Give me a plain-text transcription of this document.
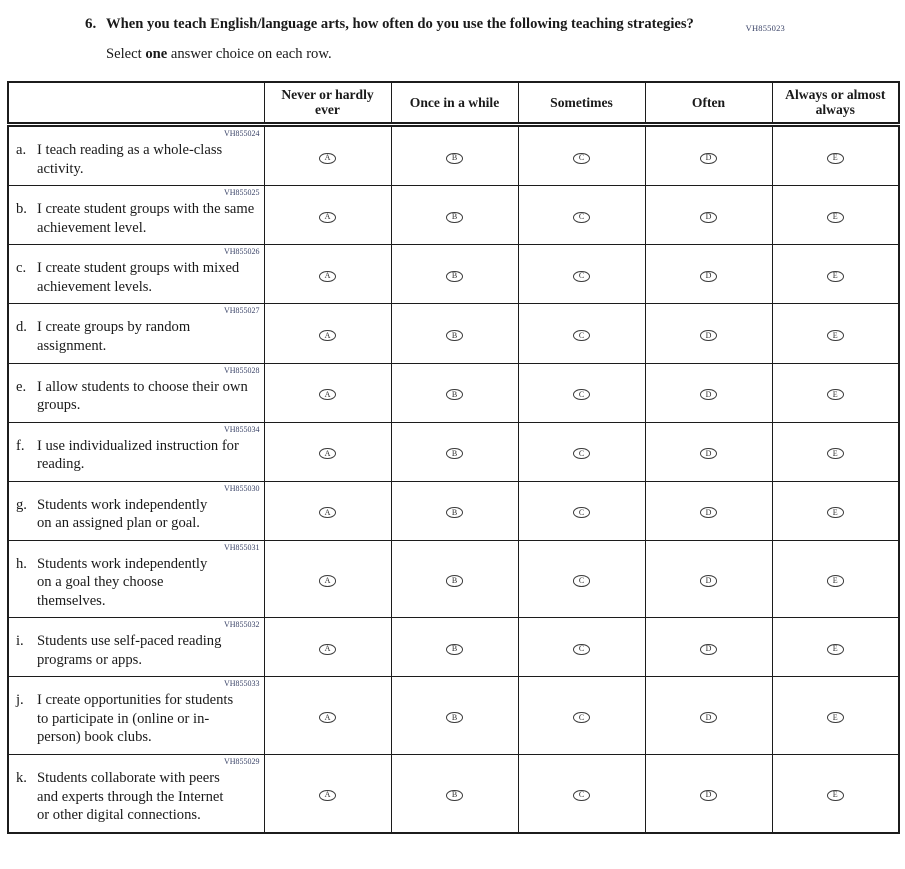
VH855023
6. When you teach English/language arts, how often do you use the following teaching strategies?

Select one answer choice on each row.

	Never or hardly ever	Once in a while	Sometimes	Often	Always or almost always

VH855024
a. I teach reading as a whole-class activity.	A	B	C	D	E

VH855025
b. I create student groups with the same achievement level.	A	B	C	D	E

VH855026
c. I create student groups with mixed achievement levels.	A	B	C	D	E

VH855027
d. I create groups by random assignment.	A	B	C	D	E

VH855028
e. I allow students to choose their own groups.	A	B	C	D	E

VH855034
f. I use individualized instruction for reading.	A	B	C	D	E

VH855030
g. Students work independently on an assigned plan or goal.	A	B	C	D	E

VH855031
h. Students work independently on a goal they choose themselves.	A	B	C	D	E

VH855032
i. Students use self-paced reading programs or apps.	A	B	C	D	E

VH855033
j. I create opportunities for students to participate in (online or in-person) book clubs.	A	B	C	D	E

VH855029
k. Students collaborate with peers and experts through the Internet or other digital connections.	A	B	C	D	E
